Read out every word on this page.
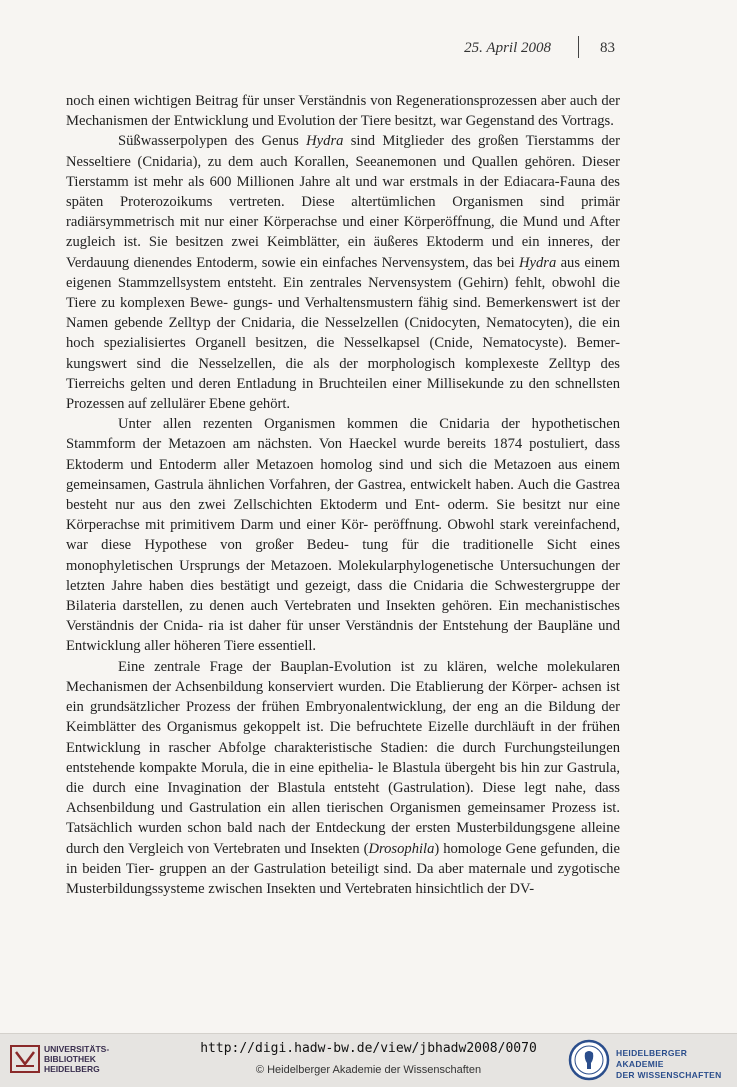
25. April 2008	83

noch einen wichtigen Beitrag für unser Verständnis von Regenerationsprozessen aber auch der Mechanismen der Entwicklung und Evolution der Tiere besitzt, war Gegenstand des Vortrags.

Süßwasserpolypen des Genus Hydra sind Mitglieder des großen Tierstamms der Nesseltiere (Cnidaria), zu dem auch Korallen, Seeanemonen und Quallen gehören. Dieser Tierstamm ist mehr als 600 Millionen Jahre alt und war erstmals in der Ediacara-Fauna des späten Proterozoikums vertreten. Diese altertümlichen Organismen sind primär radiärsymmetrisch mit nur einer Körperachse und einer Körperöffnung, die Mund und After zugleich ist. Sie besitzen zwei Keimblätter, ein äußeres Ektoderm und ein inneres, der Verdauung dienendes Entoderm, sowie ein einfaches Nervensystem, das bei Hydra aus einem eigenen Stammzellsystem entsteht. Ein zentrales Nervensystem (Gehirn) fehlt, obwohl die Tiere zu komplexen Bewe- gungs- und Verhaltensmustern fähig sind. Bemerkenswert ist der Namen gebende Zelltyp der Cnidaria, die Nesselzellen (Cnidocyten, Nematocyten), die ein hoch spezialisiertes Organell besitzen, die Nesselkapsel (Cnide, Nematocyste). Bemer- kungswert sind die Nesselzellen, die als der morphologisch komplexeste Zelltyp des Tierreichs gelten und deren Entladung in Bruchteilen einer Millisekunde zu den schnellsten Prozessen auf zellulärer Ebene gehört.

Unter allen rezenten Organismen kommen die Cnidaria der hypothetischen Stammform der Metazoen am nächsten. Von Haeckel wurde bereits 1874 postuliert, dass Ektoderm und Entoderm aller Metazoen homolog sind und sich die Metazoen aus einem gemeinsamen, Gastrula ähnlichen Vorfahren, der Gastrea, entwickelt haben. Auch die Gastrea besteht nur aus den zwei Zellschichten Ektoderm und Ent- oderm. Sie besitzt nur eine Körperachse mit primitivem Darm und einer Kör- peröffnung. Obwohl stark vereinfachend, war diese Hypothese von großer Bedeu- tung für die traditionelle Sicht eines monophyletischen Ursprungs der Metazoen. Molekularphylogenetische Untersuchungen der letzten Jahre haben dies bestätigt und gezeigt, dass die Cnidaria die Schwestergruppe der Bilateria darstellen, zu denen auch Vertebraten und Insekten gehören. Ein mechanistisches Verständnis der Cnida- ria ist daher für unser Verständnis der Entstehung der Baupläne und Entwicklung aller höheren Tiere essentiell.

Eine zentrale Frage der Bauplan-Evolution ist zu klären, welche molekularen Mechanismen der Achsenbildung konserviert wurden. Die Etablierung der Körper- achsen ist ein grundsätzlicher Prozess der frühen Embryonalentwicklung, der eng an die Bildung der Keimblätter des Organismus gekoppelt ist. Die befruchtete Eizelle durchläuft in der frühen Entwicklung in rascher Abfolge charakteristische Stadien: die durch Furchungsteilungen entstehende kompakte Morula, die in eine epithelia- le Blastula übergeht bis hin zur Gastrula, die durch eine Invagination der Blastula entsteht (Gastrulation). Diese legt nahe, dass Achsenbildung und Gastrulation ein allen tierischen Organismen gemeinsamer Prozess ist. Tatsächlich wurden schon bald nach der Entdeckung der ersten Musterbildungsgene alleine durch den Vergleich von Vertebraten und Insekten (Drosophila) homologe Gene gefunden, die in beiden Tier- gruppen an der Gastrulation beteiligt sind. Da aber maternale und zygotische Musterbildungssysteme zwischen Insekten und Vertebraten hinsichtlich der DV-

UNIVERSITÄTS-
BIBLIOTHEK
HEIDELBERG
http://digi.hadw-bw.de/view/jbhadw2008/0070
© Heidelberger Akademie der Wissenschaften
HEIDELBERGER AKADEMIE
DER WISSENSCHAFTEN
